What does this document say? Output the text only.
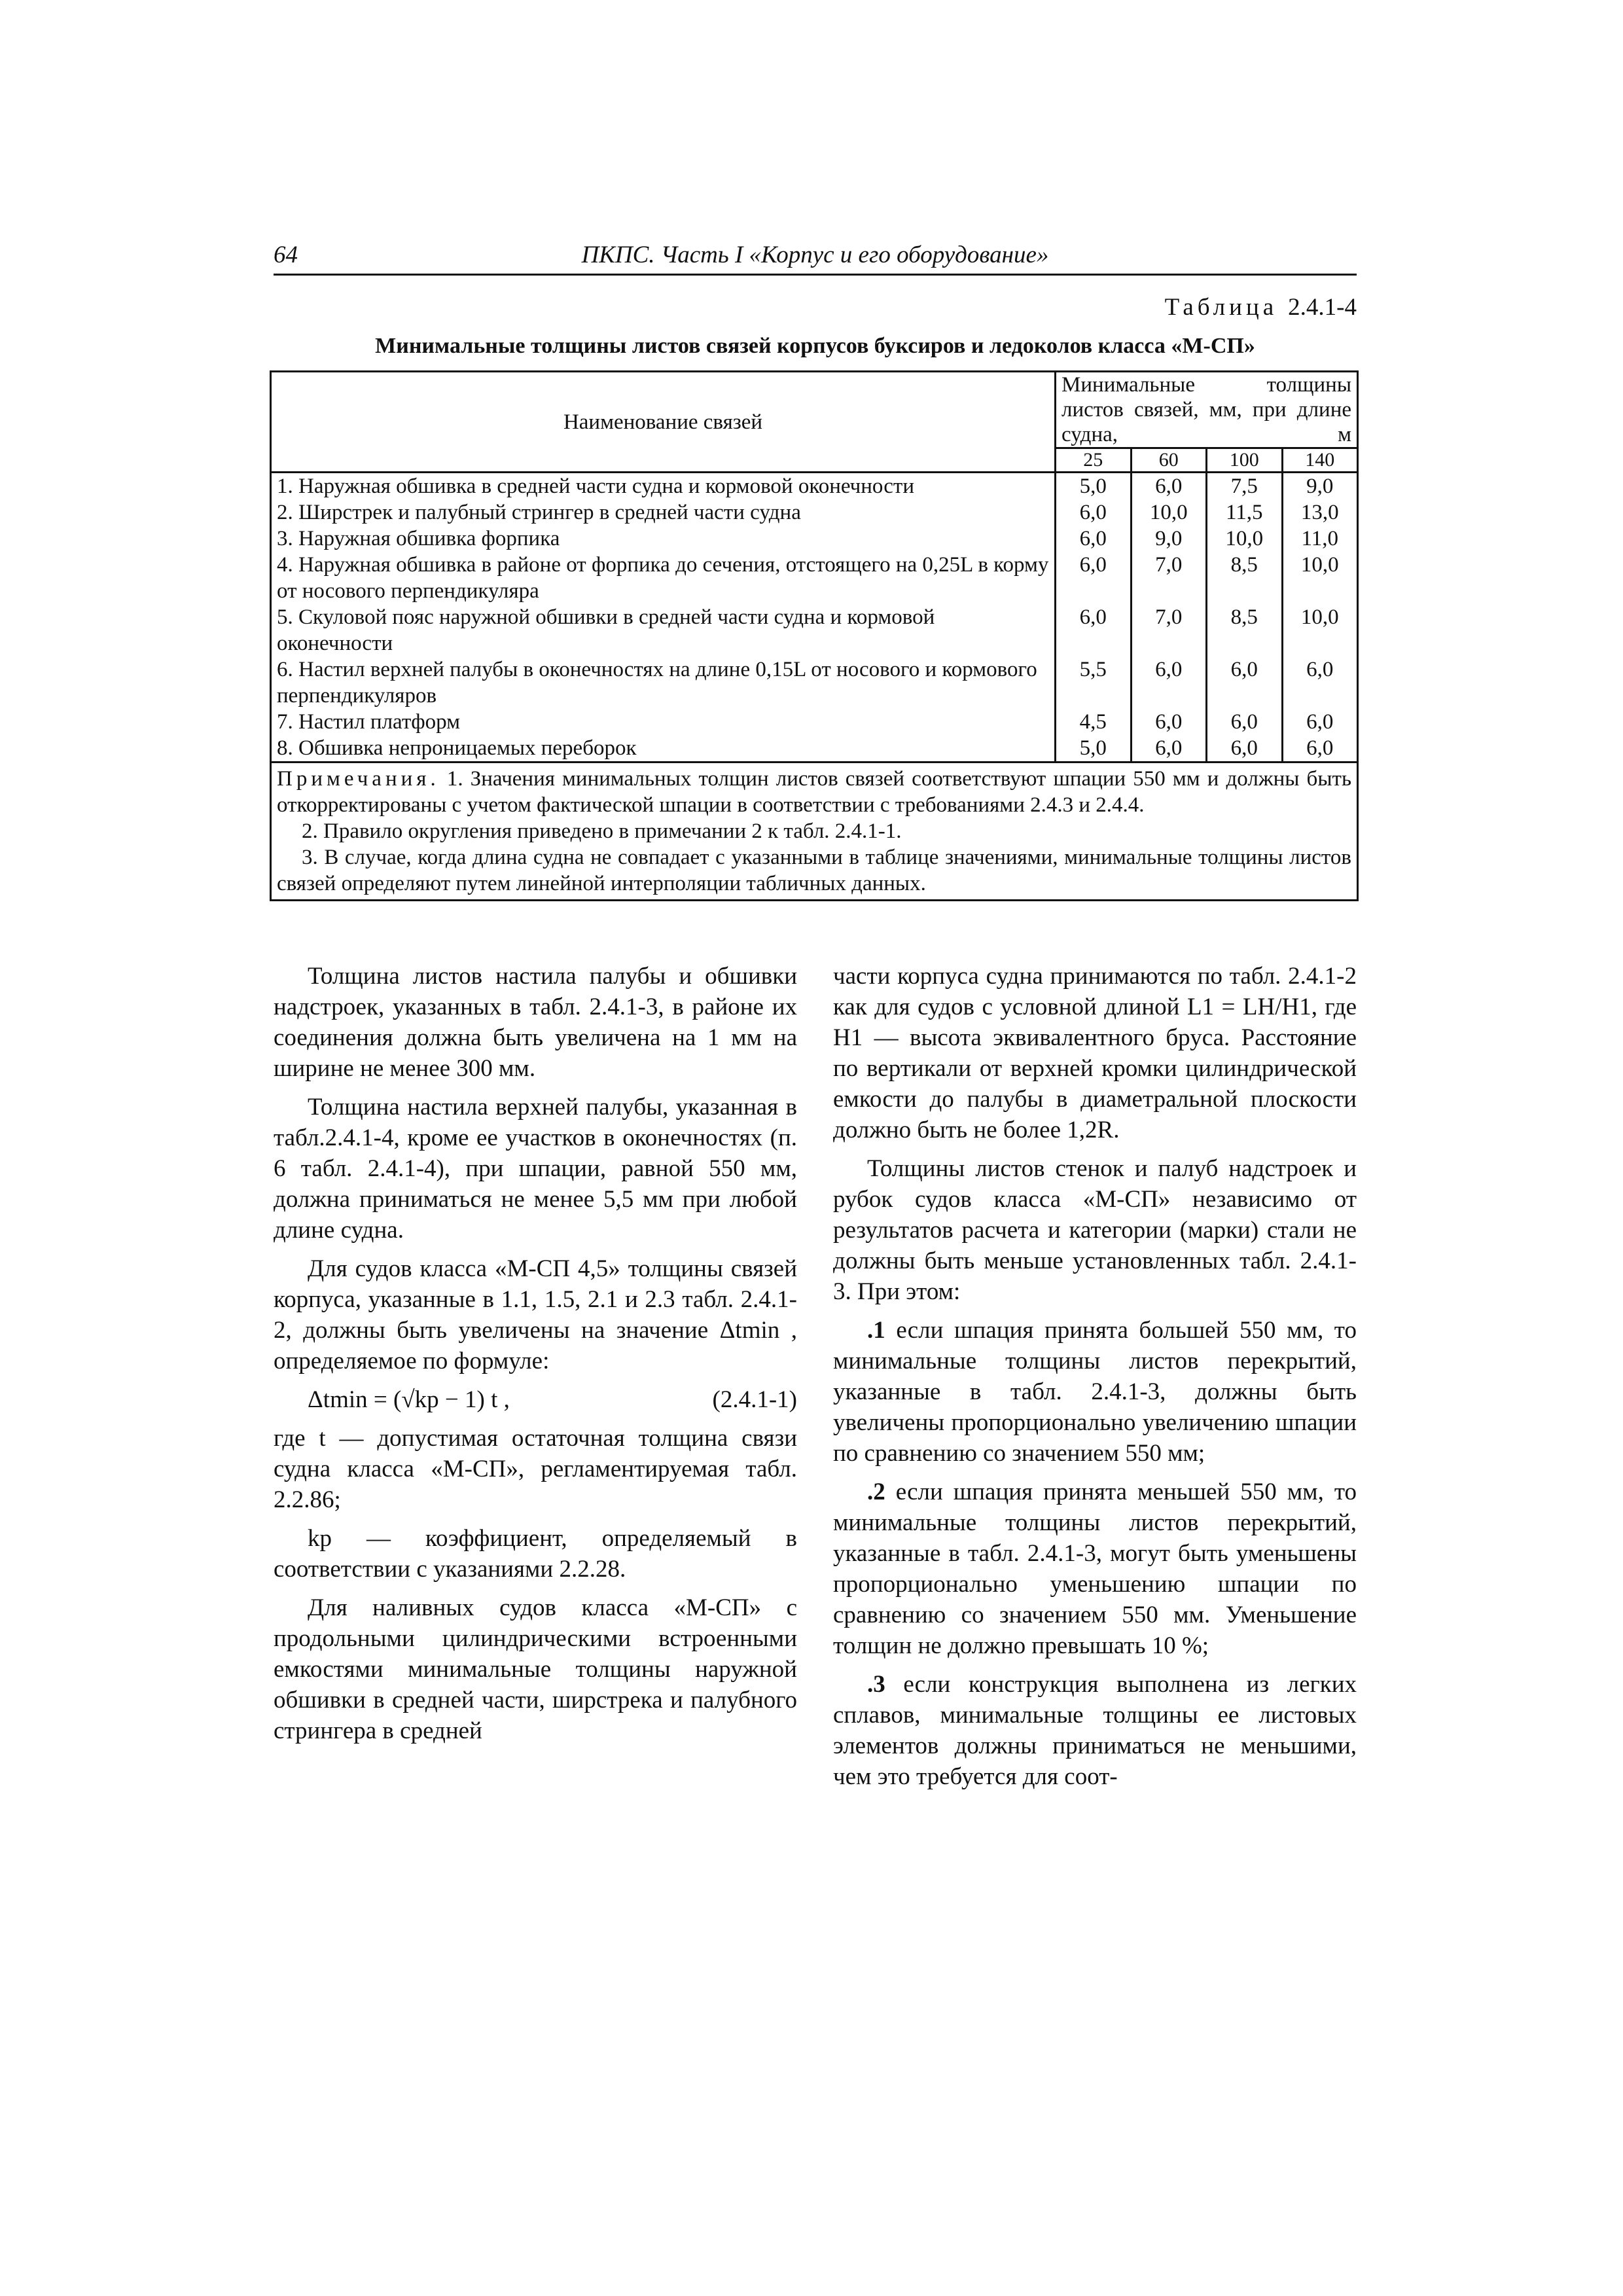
64	ПКПС. Часть I «Корпус и его оборудование»
Таблица 2.4.1-4
Минимальные толщины листов связей корпусов буксиров и ледоколов класса «М-СП»
Наименование связей	Минимальные толщины листов связей, мм, при длине судна, м			
	25	60	100	140
1. Наружная обшивка в средней части судна и кормовой оконечности	5,0	6,0	7,5	9,0
2. Ширстрек и палубный стрингер в средней части судна	6,0	10,0	11,5	13,0
3. Наружная обшивка форпика	6,0	9,0	10,0	11,0
4. Наружная обшивка в районе от форпика до сечения, отстоящего на 0,25L в корму от носового перпендикуляра	6,0	7,0	8,5	10,0
5. Скуловой пояс наружной обшивки в средней части судна и кормовой оконечности	6,0	7,0	8,5	10,0
6. Настил верхней палубы в оконечностях на длине 0,15L от носового и кормового перпендикуляров	5,5	6,0	6,0	6,0
7. Настил платформ	4,5	6,0	6,0	6,0
8. Обшивка непроницаемых переборок	5,0	6,0	6,0	6,0

Примечания. 1. Значения минимальных толщин листов связей соответствуют шпации 550 мм и должны быть откорректированы с учетом фактической шпации в соответствии с требованиями 2.4.3 и 2.4.4.

2. Правило округления приведено в примечании 2 к табл. 2.4.1-1.

3. В случае, когда длина судна не совпадает с указанными в таблице значениями, минимальные толщины листов связей определяют путем линейной интерполяции табличных данных.				

Толщина листов настила палубы и обшивки надстроек, указанных в табл. 2.4.1-3, в районе их соединения должна быть увеличена на 1 мм на ширине не менее 300 мм.

Толщина настила верхней палубы, указанная в табл.2.4.1-4, кроме ее участков в оконечностях (п. 6 табл. 2.4.1-4), при шпации, равной 550 мм, должна приниматься не менее 5,5 мм при любой длине судна.

Для судов класса «М-СП 4,5» толщины связей корпуса, указанные в 1.1, 1.5, 2.1 и 2.3 табл. 2.4.1-2, должны быть увеличены на значение Δtmin , определяемое по формуле:

Δtmin = (√kp − 1) t ,	(2.4.1-1)

где t — допустимая остаточная толщина связи судна класса «М-СП», регламентируемая табл. 2.2.86;

kp — коэффициент, определяемый в соответствии с указаниями 2.2.28.

Для наливных судов класса «М-СП» с продольными цилиндрическими встроенными емкостями минимальные толщины наружной обшивки в средней части, ширстрека и палубного стрингера в средней

части корпуса судна принимаются по табл. 2.4.1-2 как для судов с условной длиной L1 = LH/H1, где H1 — высота эквивалентного бруса. Расстояние по вертикали от верхней кромки цилиндрической емкости до палубы в диаметральной плоскости должно быть не более 1,2R.

Толщины листов стенок и палуб надстроек и рубок судов класса «М-СП» независимо от результатов расчета и категории (марки) стали не должны быть меньше установленных табл. 2.4.1-3. При этом:

.1 если шпация принята большей 550 мм, то минимальные толщины листов перекрытий, указанные в табл. 2.4.1-3, должны быть увеличены пропорционально увеличению шпации по сравнению со значением 550 мм;

.2 если шпация принята меньшей 550 мм, то минимальные толщины листов перекрытий, указанные в табл. 2.4.1-3, могут быть уменьшены пропорционально уменьшению шпации по сравнению со значением 550 мм. Уменьшение толщин не должно превышать 10 %;

.3 если конструкция выполнена из легких сплавов, минимальные толщины ее листовых элементов должны приниматься не меньшими, чем это требуется для соот-
